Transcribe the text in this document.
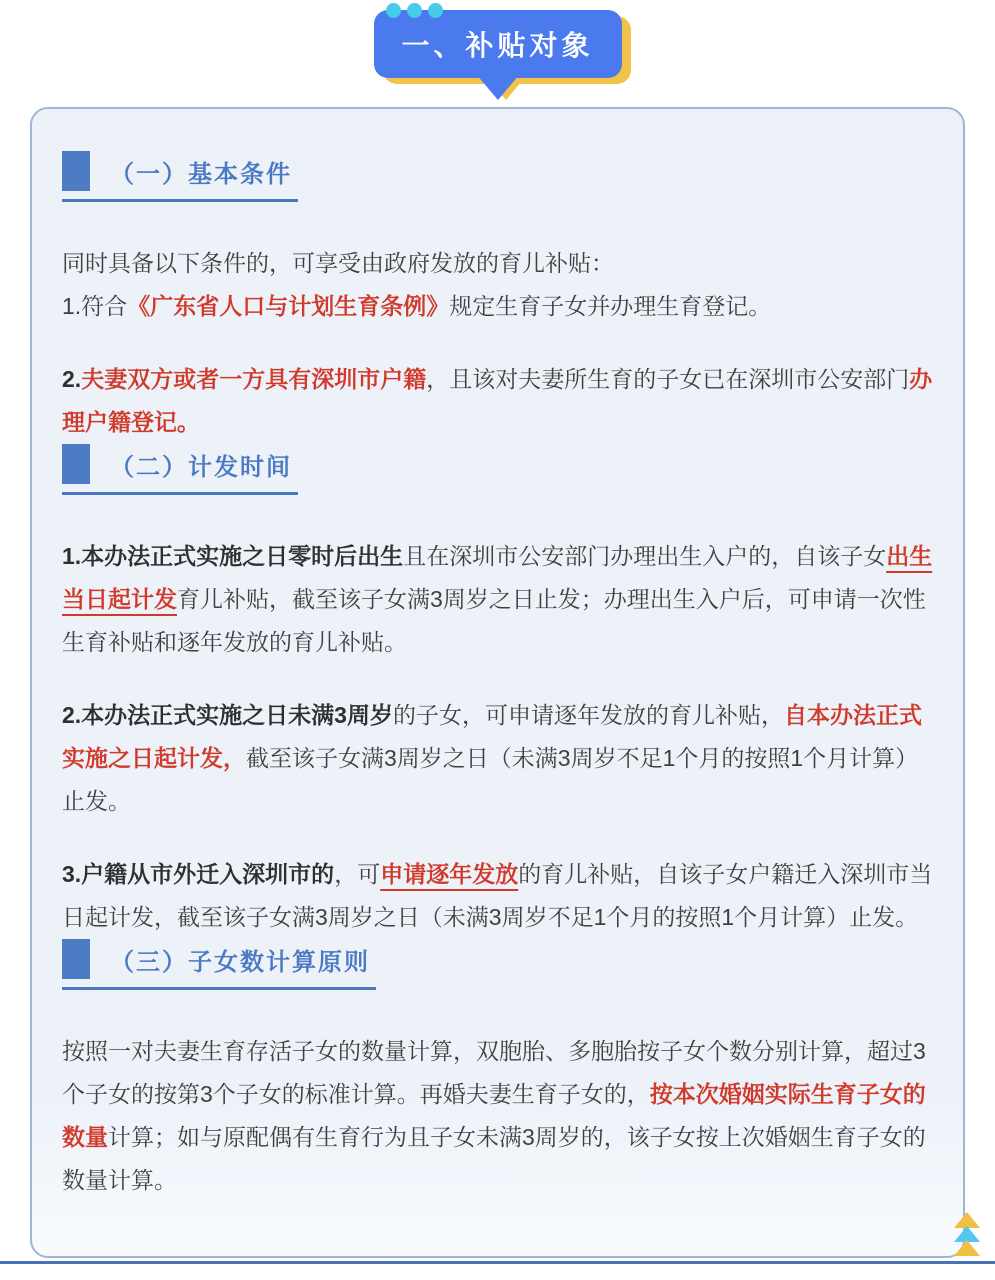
一、补贴对象
（一）基本条件

同时具备以下条件的，可享受由政府发放的育儿补贴：

1.符合《广东省人口与计划生育条例》规定生育子女并办理生育登记。

2.夫妻双方或者一方具有深圳市户籍，且该对夫妻所生育的子女已在深圳市公安部门办理户籍登记。

（二）计发时间

1.本办法正式实施之日零时后出生且在深圳市公安部门办理出生入户的，自该子女出生当日起计发育儿补贴，截至该子女满3周岁之日止发；办理出生入户后，可申请一次性生育补贴和逐年发放的育儿补贴。

2.本办法正式实施之日未满3周岁的子女，可申请逐年发放的育儿补贴，自本办法正式实施之日起计发，截至该子女满3周岁之日（未满3周岁不足1个月的按照1个月计算）止发。

3.户籍从市外迁入深圳市的，可申请逐年发放的育儿补贴，自该子女户籍迁入深圳市当日起计发，截至该子女满3周岁之日（未满3周岁不足1个月的按照1个月计算）止发。

（三）子女数计算原则

按照一对夫妻生育存活子女的数量计算，双胞胎、多胞胎按子女个数分别计算，超过3个子女的按第3个子女的标准计算。再婚夫妻生育子女的，按本次婚姻实际生育子女的数量计算；如与原配偶有生育行为且子女未满3周岁的，该子女按上次婚姻生育子女的数量计算。
